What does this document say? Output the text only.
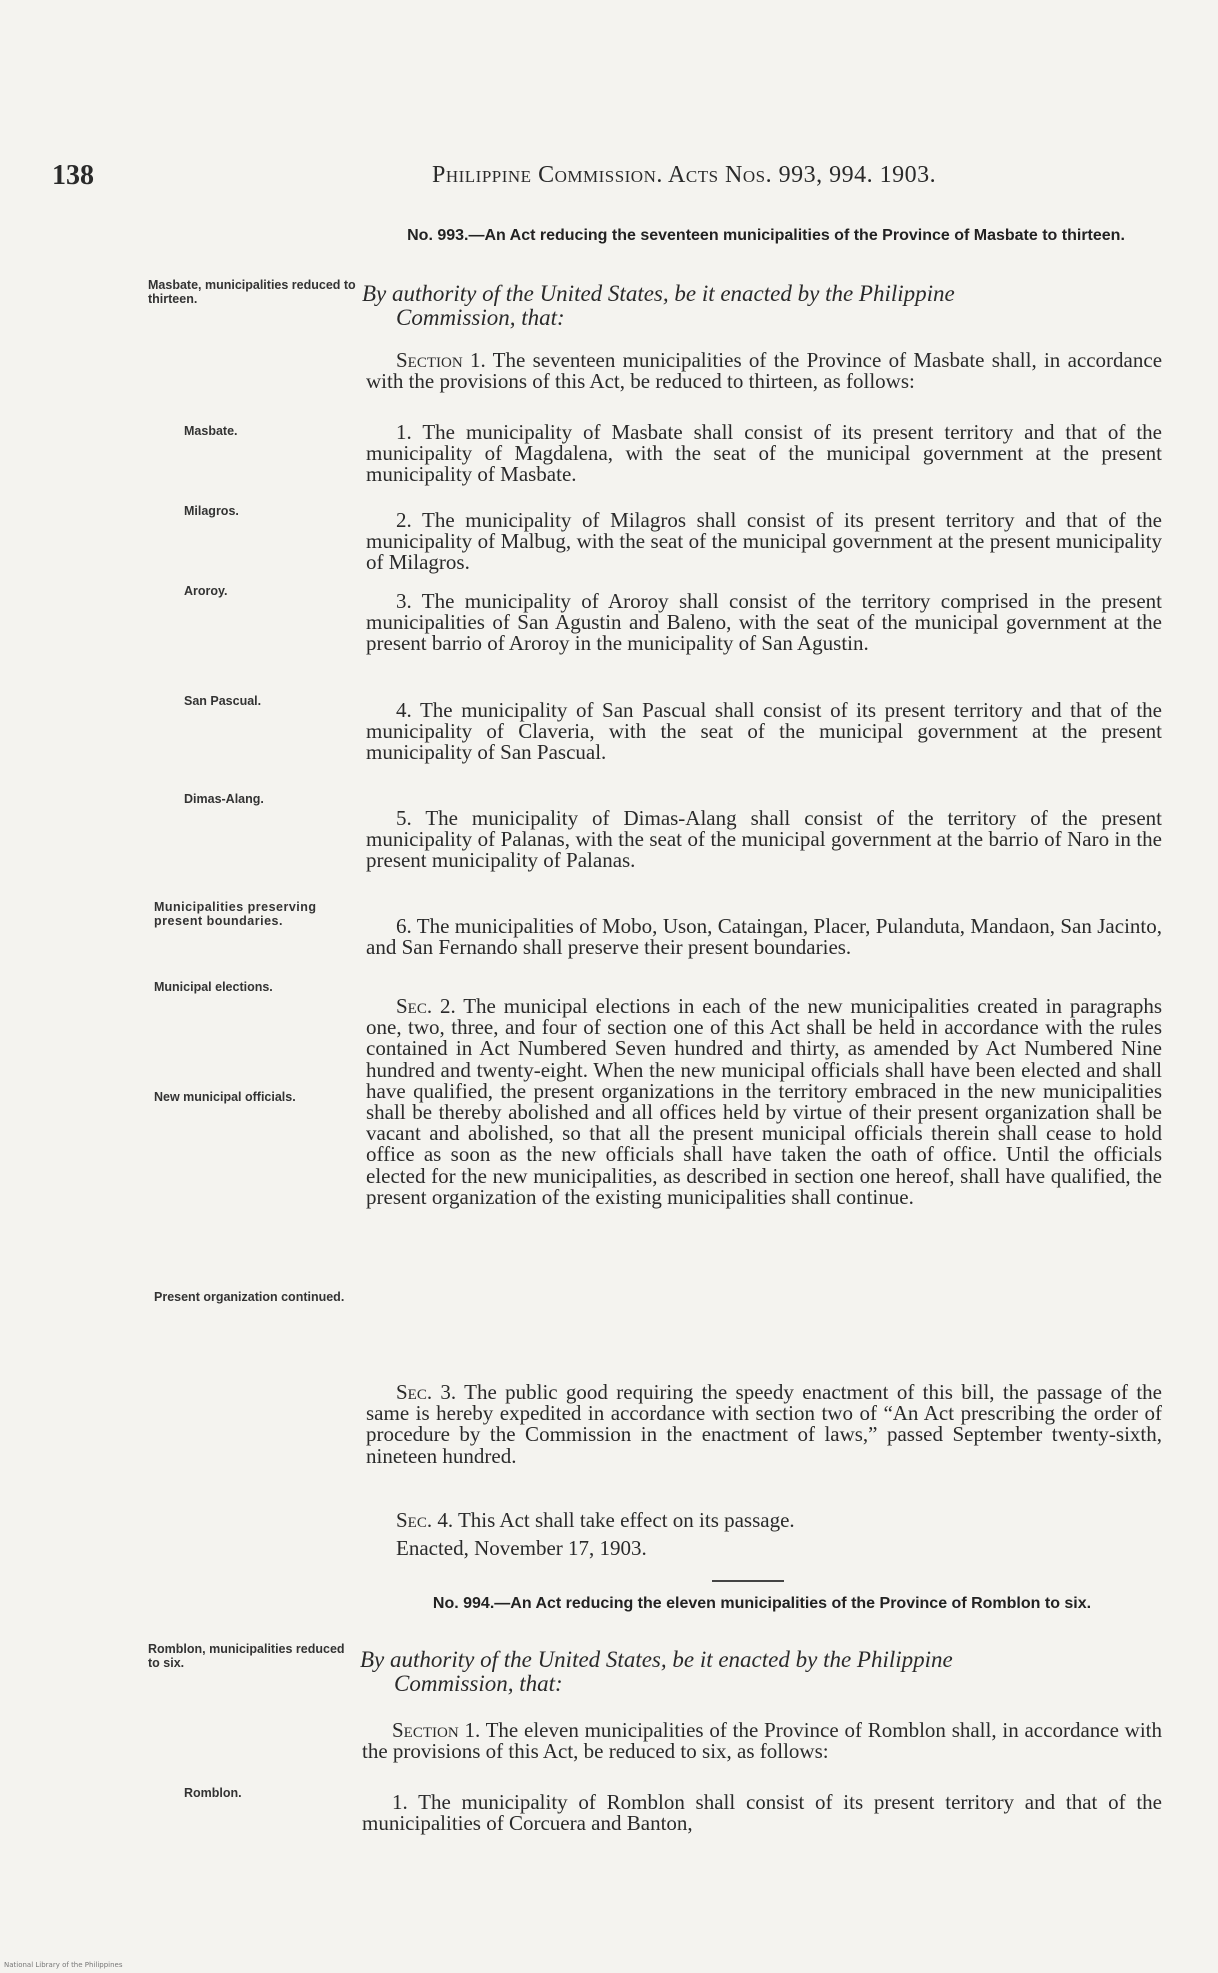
138	Philippine Commission. Acts Nos. 993, 994. 1903.
Masbate, municipalities reduced to thirteen.
Masbate.
Milagros.
Aroroy.
San Pascual.
Dimas-Alang.
Municipalities preserving present boundaries.
Municipal elections.
New municipal officials.
Present organization continued.
Romblon, municipalities reduced to six.
Romblon.
No. 993.—An Act reducing the seventeen municipalities of the Province of Masbate to thirteen.
By authority of the United States, be it enacted by the Philippine
Commission, that:
Section 1. The seventeen municipalities of the Province of Masbate shall, in accordance with the provisions of this Act, be reduced to thirteen, as follows:
1. The municipality of Masbate shall consist of its present territory and that of the municipality of Magdalena, with the seat of the municipal government at the present municipality of Masbate.
2. The municipality of Milagros shall consist of its present territory and that of the municipality of Malbug, with the seat of the municipal government at the present municipality of Milagros.
3. The municipality of Aroroy shall consist of the territory comprised in the present municipalities of San Agustin and Baleno, with the seat of the municipal government at the present barrio of Aroroy in the municipality of San Agustin.
4. The municipality of San Pascual shall consist of its present territory and that of the municipality of Claveria, with the seat of the municipal government at the present municipality of San Pascual.
5. The municipality of Dimas-Alang shall consist of the territory of the present municipality of Palanas, with the seat of the municipal government at the barrio of Naro in the present municipality of Palanas.
6. The municipalities of Mobo, Uson, Cataingan, Placer, Pulanduta, Mandaon, San Jacinto, and San Fernando shall preserve their present boundaries.
Sec. 2. The municipal elections in each of the new municipalities created in paragraphs one, two, three, and four of section one of this Act shall be held in accordance with the rules contained in Act Numbered Seven hundred and thirty, as amended by Act Numbered Nine hundred and twenty-eight. When the new municipal officials shall have been elected and shall have qualified, the present organizations in the territory embraced in the new municipalities shall be thereby abolished and all offices held by virtue of their present organization shall be vacant and abolished, so that all the present municipal officials therein shall cease to hold office as soon as the new officials shall have taken the oath of office. Until the officials elected for the new municipalities, as described in section one hereof, shall have qualified, the present organization of the existing municipalities shall continue.
Sec. 3. The public good requiring the speedy enactment of this bill, the passage of the same is hereby expedited in accordance with section two of “An Act prescribing the order of procedure by the Commission in the enactment of laws,” passed September twenty-sixth, nineteen hundred.
Sec. 4. This Act shall take effect on its passage.
Enacted, November 17, 1903.
No. 994.—An Act reducing the eleven municipalities of the Province of Romblon to six.
By authority of the United States, be it enacted by the Philippine
Commission, that:
Section 1. The eleven municipalities of the Province of Romblon shall, in accordance with the provisions of this Act, be reduced to six, as follows:
1. The municipality of Romblon shall consist of its present territory and that of the municipalities of Corcuera and Banton,
National Library of the Philippines
